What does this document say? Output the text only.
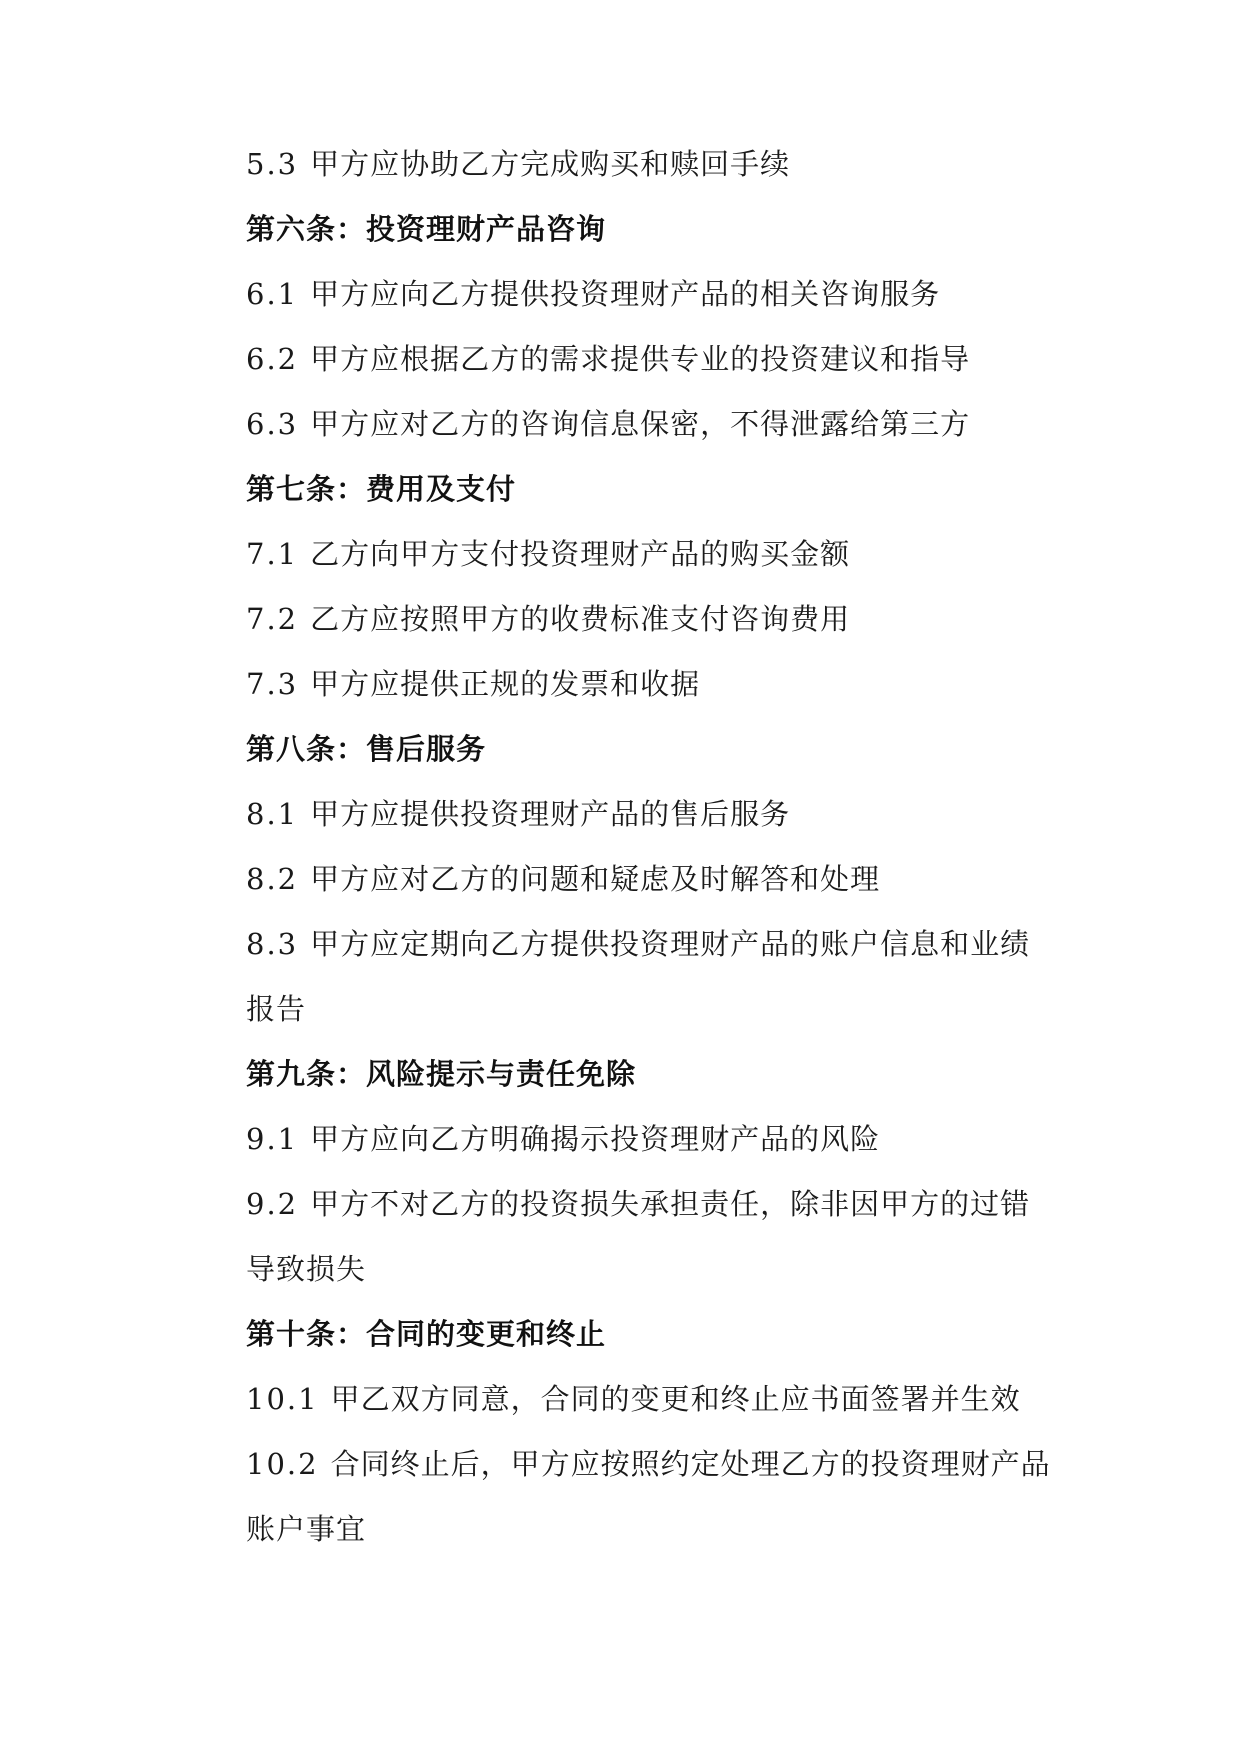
5.3 甲方应协助乙方完成购买和赎回手续

第六条：投资理财产品咨询

6.1 甲方应向乙方提供投资理财产品的相关咨询服务

6.2 甲方应根据乙方的需求提供专业的投资建议和指导

6.3 甲方应对乙方的咨询信息保密，不得泄露给第三方

第七条：费用及支付

7.1 乙方向甲方支付投资理财产品的购买金额

7.2 乙方应按照甲方的收费标准支付咨询费用

7.3 甲方应提供正规的发票和收据

第八条：售后服务

8.1 甲方应提供投资理财产品的售后服务

8.2 甲方应对乙方的问题和疑虑及时解答和处理

8.3 甲方应定期向乙方提供投资理财产品的账户信息和业绩报告

第九条：风险提示与责任免除

9.1 甲方应向乙方明确揭示投资理财产品的风险

9.2 甲方不对乙方的投资损失承担责任，除非因甲方的过错导致损失

第十条：合同的变更和终止

10.1 甲乙双方同意，合同的变更和终止应书面签署并生效

10.2 合同终止后，甲方应按照约定处理乙方的投资理财产品账户事宜
